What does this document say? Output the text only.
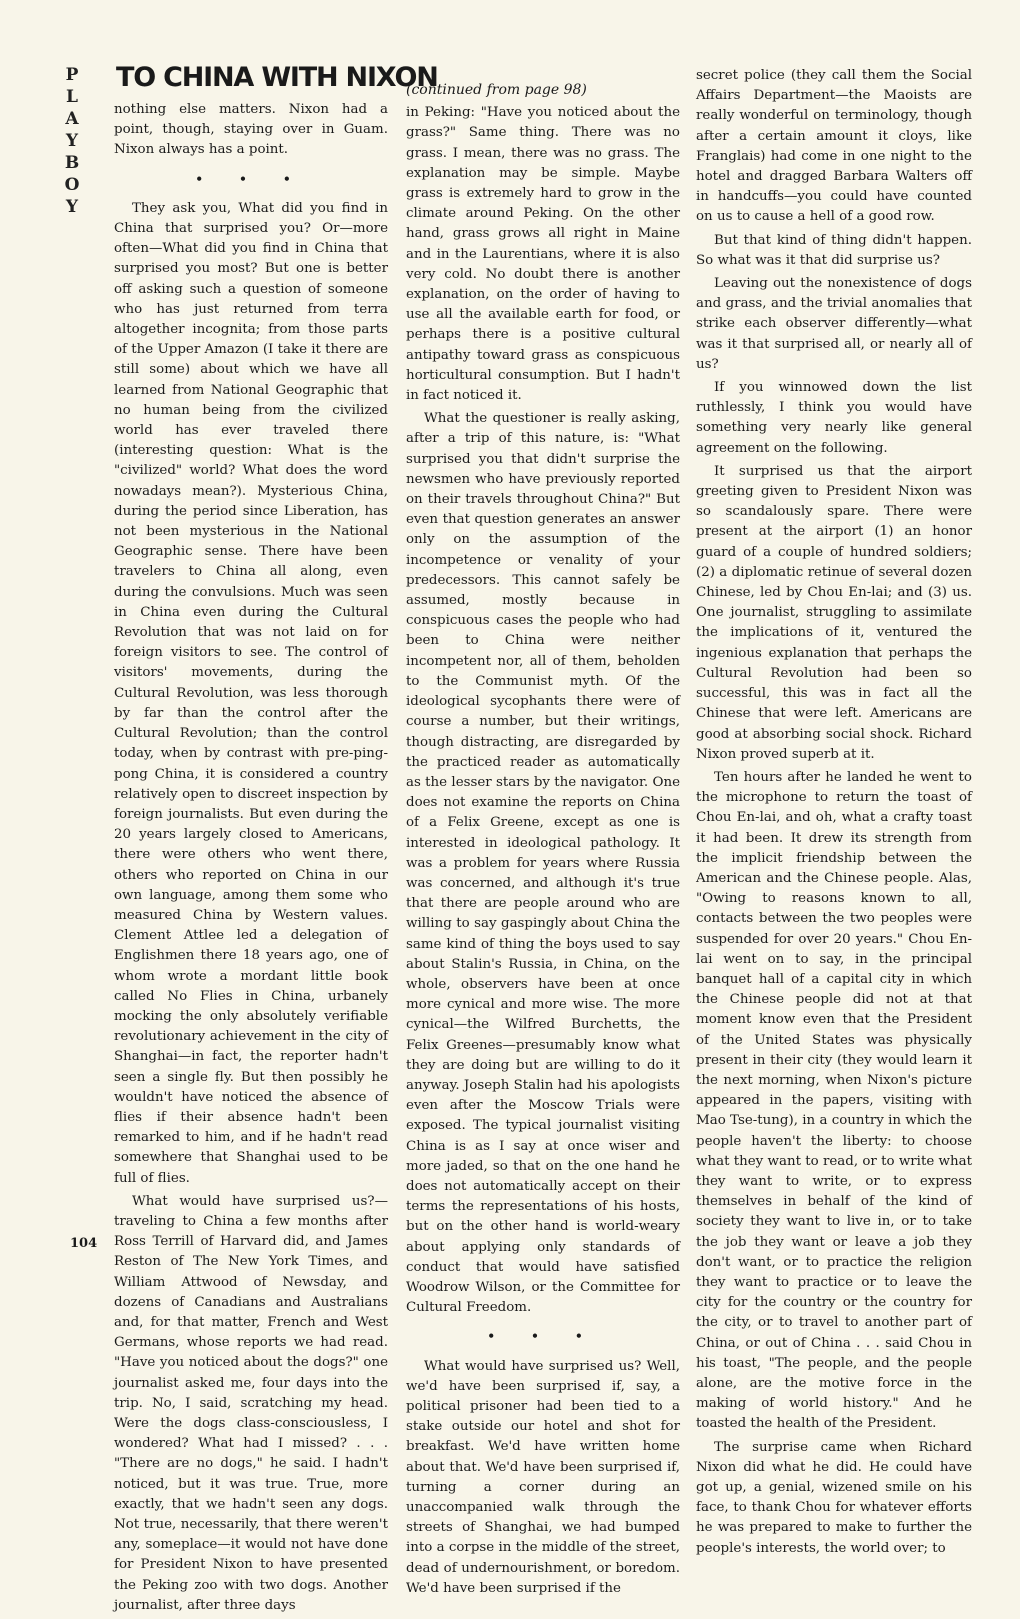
P
L
A
Y
B
O
Y
TO CHINA WITH NIXON

nothing else matters. Nixon had a point, though, staying over in Guam. Nixon always has a point.

• • •

They ask you, What did you find in China that surprised you? Or—more often—What did you find in China that surprised you most? But one is better off asking such a question of someone who has just returned from terra altogether incognita; from those parts of the Upper Amazon (I take it there are still some) about which we have all learned from National Geographic that no human being from the civilized world has ever traveled there (interesting question: What is the "civilized" world? What does the word nowadays mean?). Mysterious China, during the period since Liberation, has not been mysterious in the National Geographic sense. There have been travelers to China all along, even during the convulsions. Much was seen in China even during the Cultural Revolution that was not laid on for foreign visitors to see. The control of visitors' movements, during the Cultural Revolution, was less thorough by far than the control after the Cultural Revolution; than the control today, when by contrast with pre-ping-pong China, it is considered a country relatively open to discreet inspection by foreign journalists. But even during the 20 years largely closed to Americans, there were others who went there, others who reported on China in our own language, among them some who measured China by Western values. Clement Attlee led a delegation of Englishmen there 18 years ago, one of whom wrote a mordant little book called No Flies in China, urbanely mocking the only absolutely verifiable revolutionary achievement in the city of Shanghai—in fact, the reporter hadn't seen a single fly. But then possibly he wouldn't have noticed the absence of flies if their absence hadn't been remarked to him, and if he hadn't read somewhere that Shanghai used to be full of flies.

What would have surprised us?—traveling to China a few months after Ross Terrill of Harvard did, and James Reston of The New York Times, and William Attwood of Newsday, and dozens of Canadians and Australians and, for that matter, French and West Germans, whose reports we had read. "Have you noticed about the dogs?" one journalist asked me, four days into the trip. No, I said, scratching my head. Were the dogs class-consciousless, I wondered? What had I missed? . . . "There are no dogs," he said. I hadn't noticed, but it was true. True, more exactly, that we hadn't seen any dogs. Not true, necessarily, that there weren't any, someplace—it would not have done for President Nixon to have presented the Peking zoo with two dogs. Another journalist, after three days

(continued from page 98)

in Peking: "Have you noticed about the grass?" Same thing. There was no grass. I mean, there was no grass. The explanation may be simple. Maybe grass is extremely hard to grow in the climate around Peking. On the other hand, grass grows all right in Maine and in the Laurentians, where it is also very cold. No doubt there is another explanation, on the order of having to use all the available earth for food, or perhaps there is a positive cultural antipathy toward grass as conspicuous horticultural consumption. But I hadn't in fact noticed it.

What the questioner is really asking, after a trip of this nature, is: "What surprised you that didn't surprise the newsmen who have previously reported on their travels throughout China?" But even that question generates an answer only on the assumption of the incompetence or venality of your predecessors. This cannot safely be assumed, mostly because in conspicuous cases the people who had been to China were neither incompetent nor, all of them, beholden to the Communist myth. Of the ideological sycophants there were of course a number, but their writings, though distracting, are disregarded by the practiced reader as automatically as the lesser stars by the navigator. One does not examine the reports on China of a Felix Greene, except as one is interested in ideological pathology. It was a problem for years where Russia was concerned, and although it's true that there are people around who are willing to say gaspingly about China the same kind of thing the boys used to say about Stalin's Russia, in China, on the whole, observers have been at once more cynical and more wise. The more cynical—the Wilfred Burchetts, the Felix Greenes—presumably know what they are doing but are willing to do it anyway. Joseph Stalin had his apologists even after the Moscow Trials were exposed. The typical journalist visiting China is as I say at once wiser and more jaded, so that on the one hand he does not automatically accept on their terms the representations of his hosts, but on the other hand is world-weary about applying only standards of conduct that would have satisfied Woodrow Wilson, or the Committee for Cultural Freedom.

• • •

What would have surprised us? Well, we'd have been surprised if, say, a political prisoner had been tied to a stake outside our hotel and shot for breakfast. We'd have written home about that. We'd have been surprised if, turning a corner during an unaccompanied walk through the streets of Shanghai, we had bumped into a corpse in the middle of the street, dead of undernourishment, or boredom. We'd have been surprised if the

secret police (they call them the Social Affairs Department—the Maoists are really wonderful on terminology, though after a certain amount it cloys, like Franglais) had come in one night to the hotel and dragged Barbara Walters off in handcuffs—you could have counted on us to cause a hell of a good row.

But that kind of thing didn't happen. So what was it that did surprise us?

Leaving out the nonexistence of dogs and grass, and the trivial anomalies that strike each observer differently—what was it that surprised all, or nearly all of us?

If you winnowed down the list ruthlessly, I think you would have something very nearly like general agreement on the following.

It surprised us that the airport greeting given to President Nixon was so scandalously spare. There were present at the airport (1) an honor guard of a couple of hundred soldiers; (2) a diplomatic retinue of several dozen Chinese, led by Chou En-lai; and (3) us. One journalist, struggling to assimilate the implications of it, ventured the ingenious explanation that perhaps the Cultural Revolution had been so successful, this was in fact all the Chinese that were left. Americans are good at absorbing social shock. Richard Nixon proved superb at it.

Ten hours after he landed he went to the microphone to return the toast of Chou En-lai, and oh, what a crafty toast it had been. It drew its strength from the implicit friendship between the American and the Chinese people. Alas, "Owing to reasons known to all, contacts between the two peoples were suspended for over 20 years." Chou En-lai went on to say, in the principal banquet hall of a capital city in which the Chinese people did not at that moment know even that the President of the United States was physically present in their city (they would learn it the next morning, when Nixon's picture appeared in the papers, visiting with Mao Tse-tung), in a country in which the people haven't the liberty: to choose what they want to read, or to write what they want to write, or to express themselves in behalf of the kind of society they want to live in, or to take the job they want or leave a job they don't want, or to practice the religion they want to practice or to leave the city for the country or the country for the city, or to travel to another part of China, or out of China . . . said Chou in his toast, "The people, and the people alone, are the motive force in the making of world history." And he toasted the health of the President.

The surprise came when Richard Nixon did what he did. He could have got up, a genial, wizened smile on his face, to thank Chou for whatever efforts he was prepared to make to further the people's interests, the world over; to

104
